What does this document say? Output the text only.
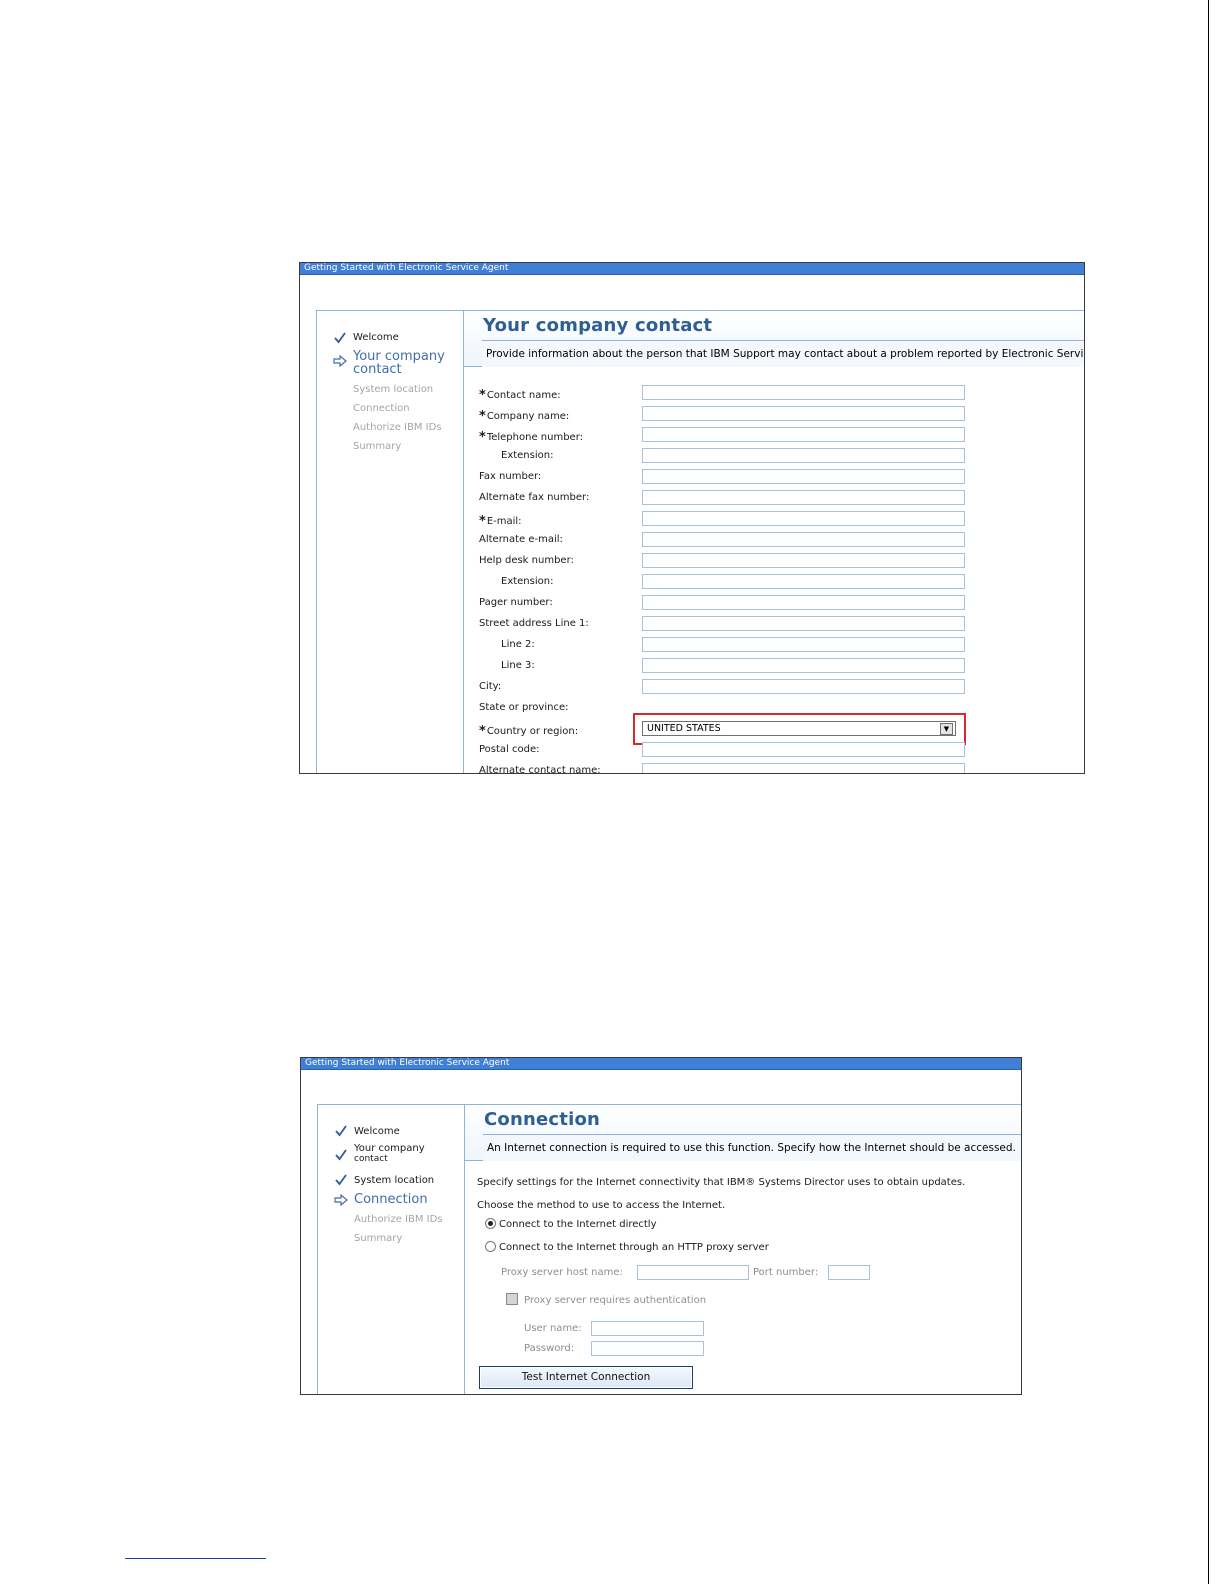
Getting Started with Electronic Service Agent
Welcome
Your company
contact
System location
Connection
Authorize IBM IDs
Summary
Your company contact
Provide information about the person that IBM Support may contact about a problem reported by Electronic Servi
*Contact name:
*Company name:
*Telephone number:
Extension:
Fax number:
Alternate fax number:
*E-mail:
Alternate e-mail:
Help desk number:
Extension:
Pager number:
Street address Line 1:
Line 2:
Line 3:
City:
State or province:
*Country or region:	UNITED STATES	▼
Postal code:
Alternate contact name:
Getting Started with Electronic Service Agent
Welcome
Your company
contact
System location
Connection
Authorize IBM IDs
Summary
Connection
An Internet connection is required to use this function. Specify how the Internet should be accessed.
Specify settings for the Internet connectivity that IBM® Systems Director uses to obtain updates.
Choose the method to use to access the Internet.
Connect to the Internet directly
Connect to the Internet through an HTTP proxy server
Proxy server host name:	Port number:
Proxy server requires authentication
User name:
Password:
Test Internet Connection
